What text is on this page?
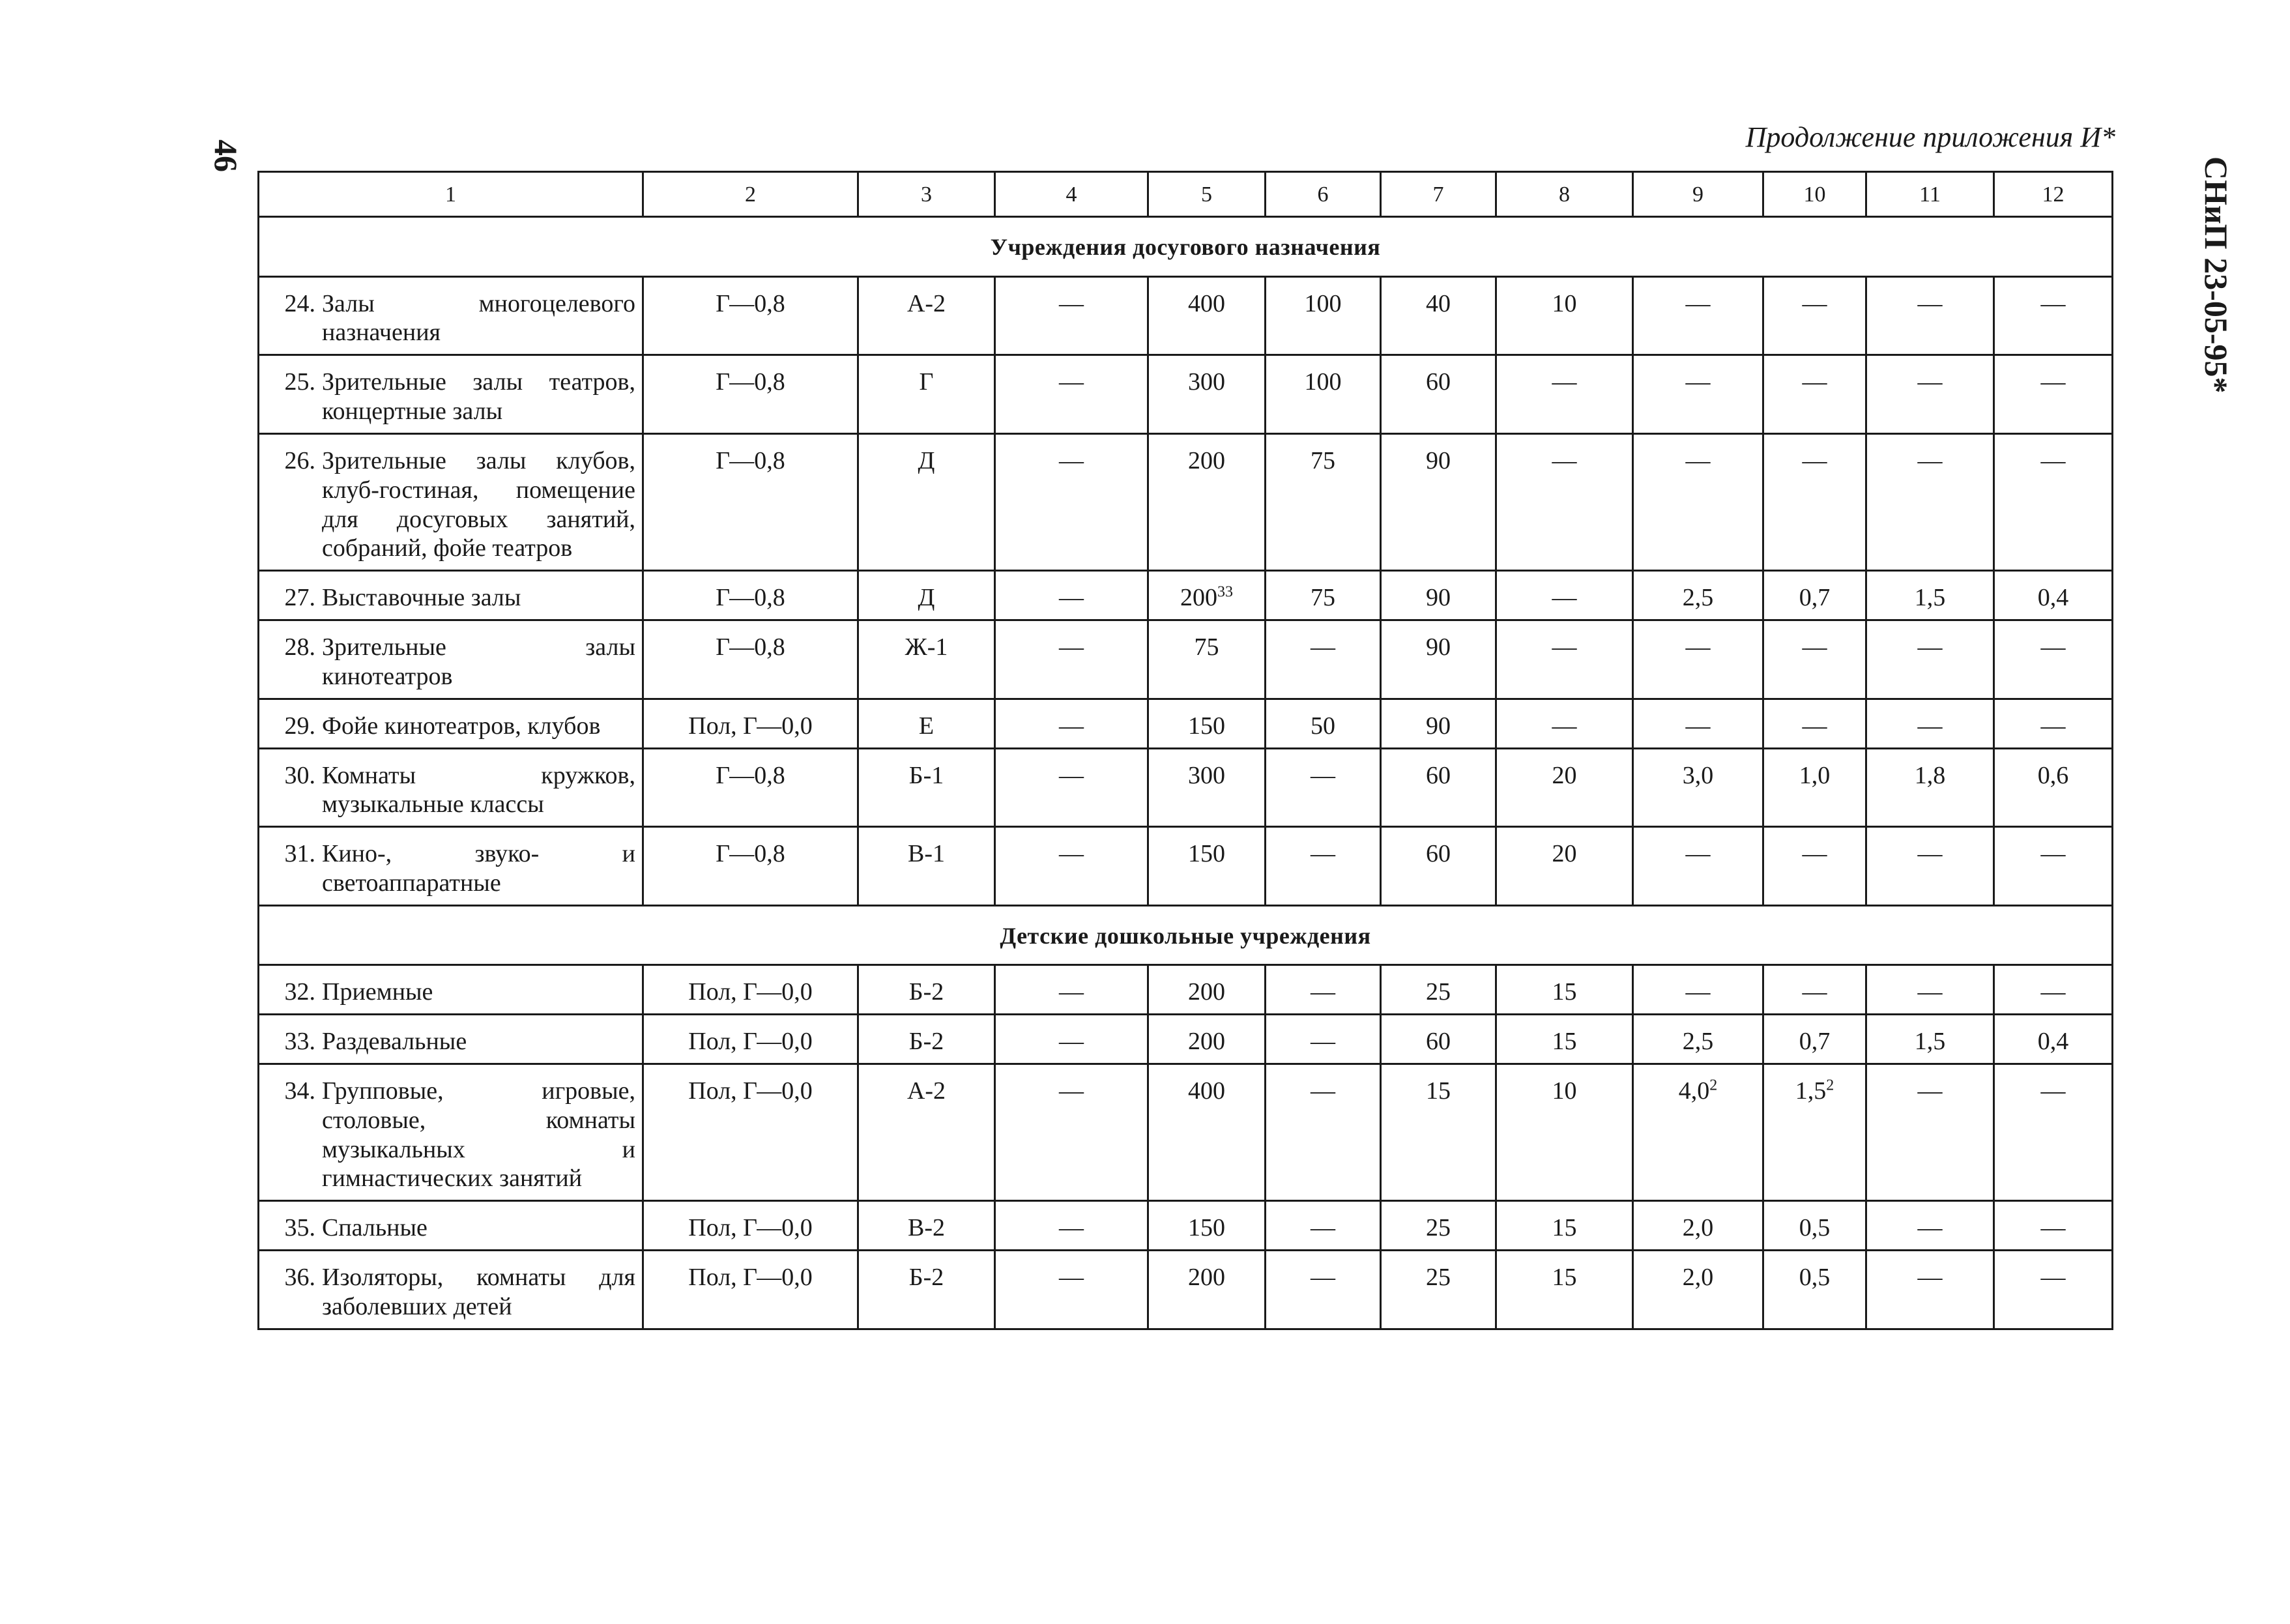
46
СНиП 23-05-95*
Продолжение приложения И*
1	2	3	4	5	6	7	8	9	10	11	12
Учреждения досугового назначения											

24. Залы многоцелевого назначения	Г—0,8	А-2	—	400	100	40	10	—	—	—	—

25. Зрительные залы театров, концертные залы	Г—0,8	Г	—	300	100	60	—	—	—	—	—

26. Зрительные залы клубов, клуб-гостиная, помещение для досуговых занятий, собраний, фойе театров	Г—0,8	Д	—	200	75	90	—	—	—	—	—

27. Выставочные залы	Г—0,8	Д	—	$200^{33}$	75	90	—	2,5	0,7	1,5	0,4

28. Зрительные залы кинотеатров	Г—0,8	Ж-1	—	75	—	90	—	—	—	—	—

29. Фойе кинотеатров, клубов	Пол, Г—0,0	Е	—	150	50	90	—	—	—	—	—

30. Комнаты кружков, музыкальные классы	Г—0,8	Б-1	—	300	—	60	20	3,0	1,0	1,8	0,6

31. Кино-, звуко- и светоаппаратные	Г—0,8	В-1	—	150	—	60	20	—	—	—	—
Детские дошкольные учреждения											

32. Приемные	Пол, Г—0,0	Б-2	—	200	—	25	15	—	—	—	—

33. Раздевальные	Пол, Г—0,0	Б-2	—	200	—	60	15	2,5	0,7	1,5	0,4

34. Групповые, игровые, столовые, комнаты музыкальных и гимнастических занятий	Пол, Г—0,0	А-2	—	400	—	15	10	$4,0^2$	$1,5^2$	—	—

35. Спальные	Пол, Г—0,0	В-2	—	150	—	25	15	2,0	0,5	—	—

36. Изоляторы, комнаты для заболевших детей	Пол, Г—0,0	Б-2	—	200	—	25	15	2,0	0,5	—	—
